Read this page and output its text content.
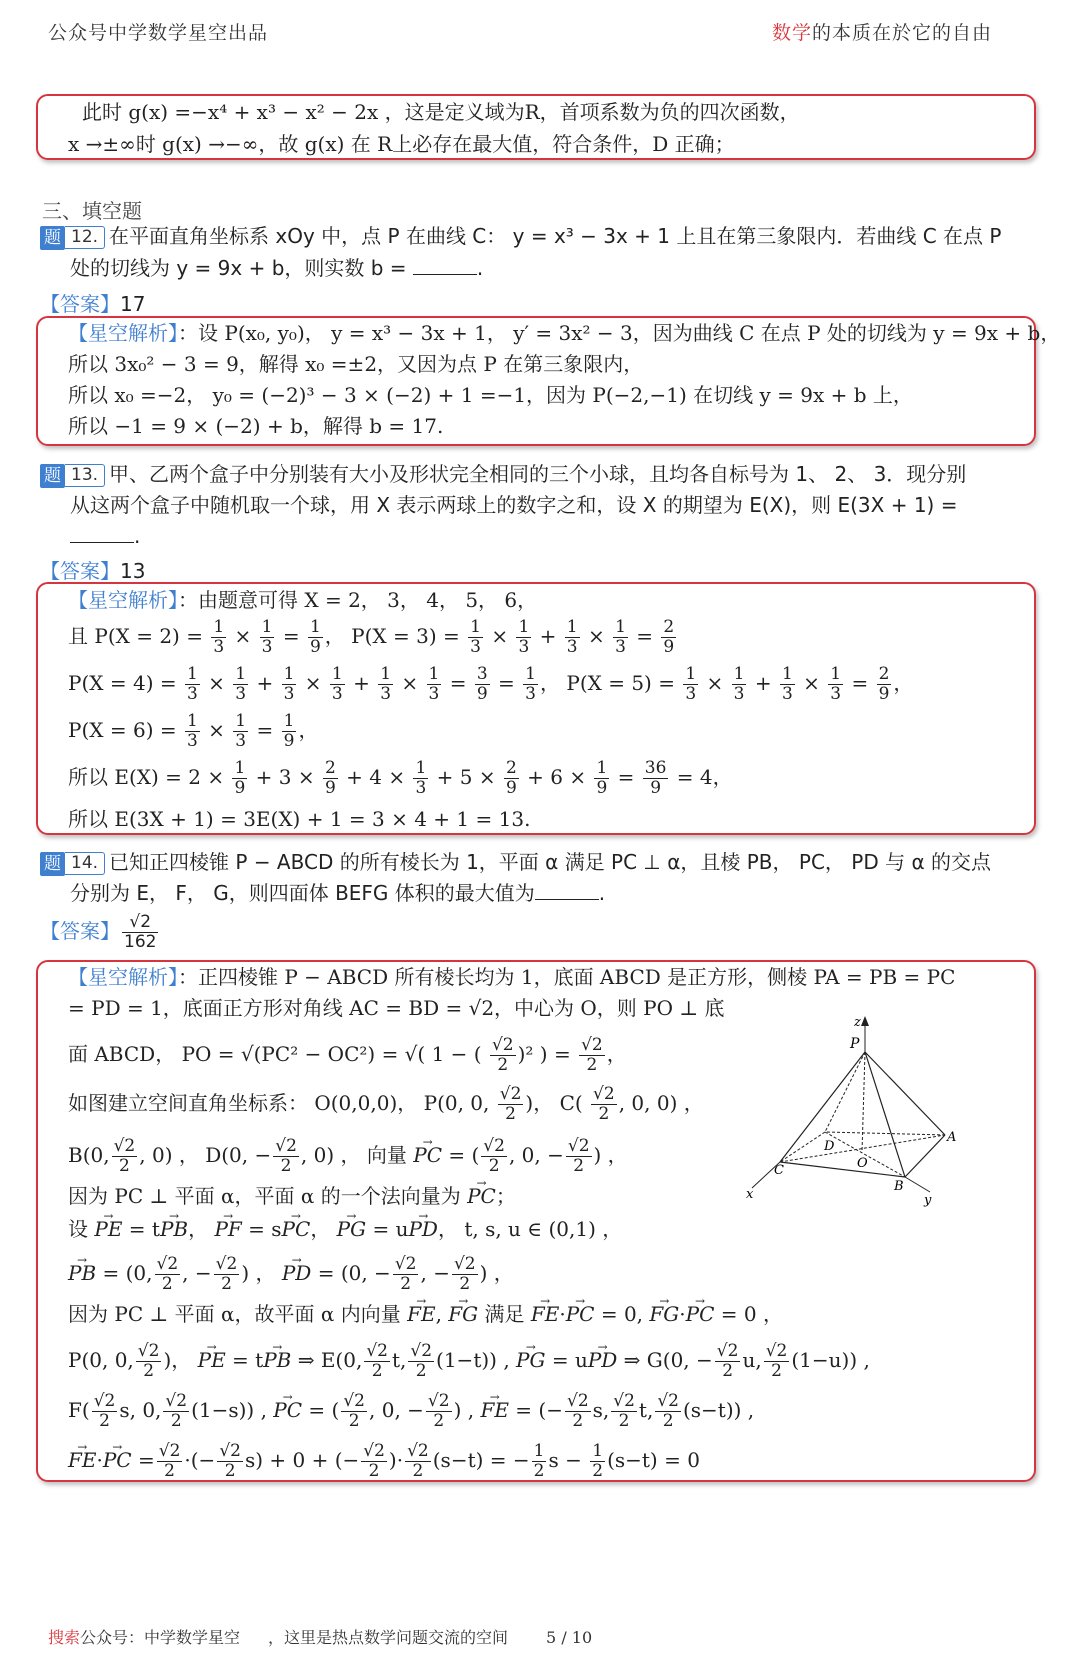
公众号中学数学星空出品	数学的本质在於它的自由
此时 g(x) =−x⁴ + x³ − x² − 2x ，这是定义域为R，首项系数为负的四次函数，
x →±∞时 g(x) →−∞，故 g(x) 在 R上必存在最大值，符合条件，D 正确；
三、填空题
题 12. 在平面直角坐标系 xOy 中，点 P 在曲线 C： y = x³ − 3x + 1 上且在第三象限内．若曲线 C 在点 P
处的切线为 y = 9x + b，则实数 b =	.
【答案】17
【星空解析】：设 P(x₀, y₀)， y = x³ − 3x + 1， y′ = 3x² − 3，因为曲线 C 在点 P 处的切线为 y = 9x + b，
所以 3x₀² − 3 = 9，解得 x₀ =±2，又因为点 P 在第三象限内，
所以 x₀ =−2， y₀ = (−2)³ − 3 × (−2) + 1 =−1，因为 P(−2,−1) 在切线 y = 9x + b 上，
所以 −1 = 9 × (−2) + b，解得 b = 17.
题 13. 甲、乙两个盒子中分别装有大小及形状完全相同的三个小球，且均各自标号为 1、 2、 3．现分别
从这两个盒子中随机取一个球，用 X 表示两球上的数字之和，设 X 的期望为 E(X)，则 E(3X + 1) =
.
【答案】13
【星空解析】：由题意可得 X = 2， 3， 4， 5， 6，
且 $P(X = 2) = \frac{1}{3} \times \frac{1}{3} = \frac{1}{9}$ ， $P(X = 3) = \frac{1}{3} \times \frac{1}{3} + \frac{1}{3} \times \frac{1}{3} = \frac{2}{9}$
$P(X = 4) = \frac{1}{3} \times \frac{1}{3} + \frac{1}{3} \times \frac{1}{3} + \frac{1}{3} \times \frac{1}{3} = \frac{3}{9} = \frac{1}{3}$ ， $P(X = 5) = \frac{1}{3} \times \frac{1}{3} + \frac{1}{3} \times \frac{1}{3} = \frac{2}{9}$ ，
$P(X = 6) = \frac{1}{3} \times \frac{1}{3} = \frac{1}{9}$ ，
所以 $E(X) = 2 \times \frac{1}{9} + 3 \times \frac{2}{9} + 4 \times \frac{1}{3} + 5 \times \frac{2}{9} + 6 \times \frac{1}{9} = \frac{36}{9} = 4$，
所以 E(3X + 1) = 3E(X) + 1 = 3 × 4 + 1 = 13.
题 14. 已知正四棱锥 P − ABCD 的所有棱长为 1，平面 α 满足 PC ⊥ α，且棱 PB， PC， PD 与 α 的交点
分别为 E， F， G，则四面体 BEFG 体积的最大值为	.
【答案】 $\frac{√2}{162}$
【星空解析】：正四棱锥 P − ABCD 所有棱长均为 1，底面 ABCD 是正方形，侧棱 PA = PB = PC
= PD = 1，底面正方形对角线 AC = BD = √2，中心为 O，则 PO ⊥ 底
面 ABCD， PO = √(PC² − OC²) = √( 1 − ( $\frac{√2}{2} )^2$ ) = $\frac{√2}{2}$ ，
如图建立空间直角坐标系： O(0,0,0)， P(0, 0, $\frac{√2}{2}$ )， $C( \frac{√2}{2}$ , 0, 0) ，
B(0, $\frac{√2}{2}$ , 0) ， D(0, − $\frac{√2}{2}$ , 0) ， 向量 → PC = ( $\frac{√2}{2}$ , 0, − $\frac{√2}{2}$ ) ，
因为 PC ⊥ 平面 α，平面 α 的一个法向量为 → PC；
设 → PE = t→ PB， → PF = s→ PC， → PG = u→ PD， t, s, u ∈ (0,1) ，
→ PB = (0, $\frac{√2}{2}$ , − $\frac{√2}{2}$ ) ， → PD = (0, − $\frac{√2}{2}$ , − $\frac{√2}{2}$ ) ，
因为 PC ⊥ 平面 α，故平面 α 内向量 → FE, → FG 满足 → FE·→ PC = 0, → FG·→ PC = 0 ，
P(0, 0, $\frac{√2}{2}$ )， → PE = t→ PB ⇒ E(0, $\frac{√2}{2} t$, $\frac{√2}{2} (1-t)$) , → PG = u→ PD ⇒ G(0, − $\frac{√2}{2} u$, $\frac{√2}{2} (1-u)$) ,
$F( \frac{√2}{2} s$, 0, $\frac{√2}{2} (1-s)$) , → PC = ( $\frac{√2}{2}$ , 0, − $\frac{√2}{2}$ ) , → FE = (− $\frac{√2}{2} s$, $\frac{√2}{2} t$, $\frac{√2}{2} (s-t)$) ,
→ FE·→ PC = $\frac{√2}{2}$ ·(− $\frac{√2}{2} s) + 0$ + (− $\frac{√2}{2}$ )· $\frac{√2}{2} (s-t)$ = − $\frac{1}{2}$ $s - \frac{1}{2} (s-t) = 0$
z
P
x	y
A
D
O
C
B
搜索公众号：中学数学星空 ，这里是热点数学问题交流的空间 5 / 10
